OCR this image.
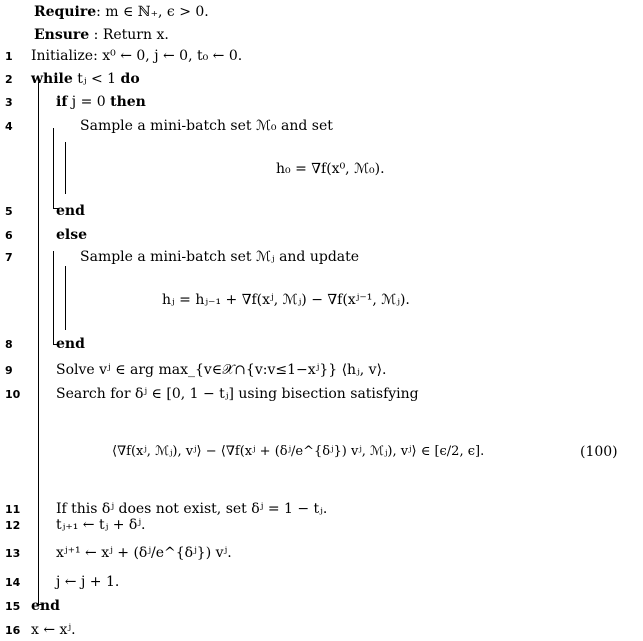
Require: m ∈ ℕ₊, ϵ > 0.
Ensure : Return x.
1
2
3
4
5
6
7
8
9
10
11
12
13
14
15
16
Initialize: x⁰ ← 0, j ← 0, t₀ ← 0.
while tⱼ < 1 do
if j = 0 then
Sample a mini-batch set ℳ₀ and set
h₀ = ∇f(x⁰, ℳ₀).
end
else
Sample a mini-batch set ℳⱼ and update
hⱼ = hⱼ₋₁ + ∇f(xʲ, ℳⱼ) − ∇f(xʲ⁻¹, ℳⱼ).
end
Solve vʲ ∈ arg max_{v∈𝒳∩{v:v≤1−xʲ}} ⟨hⱼ, v⟩.
Search for δʲ ∈ [0, 1 − tⱼ] using bisection satisfying
⟨∇f(xʲ, ℳⱼ), vʲ⟩ − ⟨∇f(xʲ + (δʲ/e^{δʲ}) vʲ, ℳⱼ), vʲ⟩ ∈ [ϵ/2, ϵ].	(100)
If this δʲ does not exist, set δʲ = 1 − tⱼ.
tⱼ₊₁ ← tⱼ + δʲ.
xʲ⁺¹ ← xʲ + (δʲ/e^{δʲ}) vʲ.
j ← j + 1.
end
x ← xʲ.
